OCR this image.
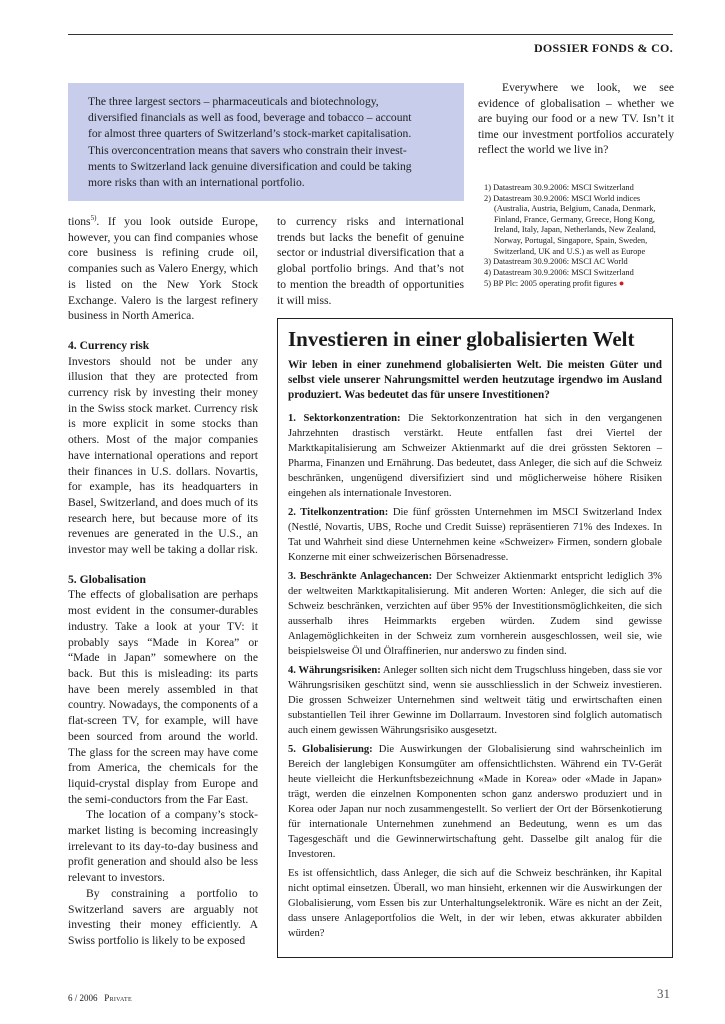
DOSSIER FONDS & CO.
The three largest sectors – pharmaceuticals and biotechnology,
diversified financials as well as food, beverage and tobacco – account
for almost three quarters of Switzerland’s stock-market capitalisation.
This overconcentration means that savers who constrain their invest-
ments to Switzerland lack genuine diversification and could be taking
more risks than with an international portfolio.
Everywhere we look, we see evidence of globalisation – whether we are buying our food or a new TV. Isn’t it time our investment portfolios accurately reflect the world we live in?
1) Datastream 30.9.2006: MSCI Switzerland
2) Datastream 30.9.2006: MSCI World indices (Australia, Austria, Belgium, Canada, Denmark, Finland, France, Germany, Greece, Hong Kong, Ireland, Italy, Japan, Netherlands, New Zealand, Norway, Portugal, Singapore, Spain, Sweden, Switzerland, UK and U.S.) as well as Europe
3) Datastream 30.9.2006: MSCI AC World
4) Datastream 30.9.2006: MSCI Switzerland
5) BP Plc: 2005 operating profit figures ●

tions$^{5)}$. If you look outside Europe, however, you can find companies whose core business is refining crude oil, companies such as Valero Energy, which is listed on the New York Stock Exchange. Valero is the largest refinery business in North America.

4. Currency risk

Investors should not be under any illusion that they are protected from currency risk by investing their money in the Swiss stock market. Currency risk is more explicit in some stocks than others. Most of the major companies have international operations and report their finances in U.S. dollars. Novartis, for example, has its headquarters in Basel, Switzerland, and does much of its research here, but because more of its revenues are generated in the U.S., an investor may well be taking a dollar risk.

5. Globalisation

The effects of globalisation are perhaps most evident in the consumer-durables industry. Take a look at your TV: it probably says “Made in Korea” or “Made in Japan” somewhere on the back. But this is misleading: its parts have been merely assembled in that country. Nowadays, the components of a flat-screen TV, for example, will have been sourced from around the world. The glass for the screen may have come from America, the chemicals for the liquid-crystal display from Europe and the semi-conductors from the Far East.

The location of a company’s stock-market listing is becoming increasingly irrelevant to its day-to-day business and profit generation and should also be less relevant to investors.

By constraining a portfolio to Switzerland savers are arguably not investing their money efficiently. A Swiss portfolio is likely to be exposed

to currency risks and international trends but lacks the benefit of genuine sector or industrial diversification that a global portfolio brings. And that’s not to mention the breadth of opportunities it will miss.

Investieren in einer globalisierten Welt
Wir leben in einer zunehmend globalisierten Welt. Die meisten Güter und selbst viele unserer Nahrungsmittel werden heutzutage irgendwo im Ausland produziert. Was bedeutet das für unsere Investitionen?

1. Sektorkonzentration: Die Sektorkonzentration hat sich in den vergangenen Jahrzehnten drastisch verstärkt. Heute entfallen fast drei Viertel der Marktkapitalisierung am Schweizer Aktienmarkt auf die drei grössten Sektoren – Pharma, Finanzen und Ernährung. Das bedeutet, dass Anleger, die sich auf die Schweiz beschränken, ungenügend diversifiziert sind und möglicherweise höhere Risiken eingehen als internationale Investoren.

2. Titelkonzentration: Die fünf grössten Unternehmen im MSCI Switzerland Index (Nestlé, Novartis, UBS, Roche und Credit Suisse) repräsentieren 71% des Indexes. In Tat und Wahrheit sind diese Unternehmen keine «Schweizer» Firmen, sondern globale Konzerne mit einer schweizerischen Börsenadresse.

3. Beschränkte Anlagechancen: Der Schweizer Aktienmarkt entspricht lediglich 3% der weltweiten Marktkapitalisierung. Mit anderen Worten: Anleger, die sich auf die Schweiz beschränken, verzichten auf über 95% der Investitionsmöglichkeiten, die sich ausserhalb ihres Heimmarkts ergeben würden. Zudem sind gewisse Anlagemöglichkeiten in der Schweiz zum vornherein ausgeschlossen, weil sie, wie beispielsweise Öl und Ölraffinerien, nur anderswo zu finden sind.

4. Währungsrisiken: Anleger sollten sich nicht dem Trugschluss hingeben, dass sie vor Währungsrisiken geschützt sind, wenn sie ausschliesslich in der Schweiz investieren. Die grossen Schweizer Unternehmen sind weltweit tätig und erwirtschaften einen substantiellen Teil ihrer Gewinne im Dollarraum. Investoren sind folglich automatisch auch einem gewissen Währungsrisiko ausgesetzt.

5. Globalisierung: Die Auswirkungen der Globalisierung sind wahrscheinlich im Bereich der langlebigen Konsumgüter am offensichtlichsten. Während ein TV-Gerät heute vielleicht die Herkunftsbezeichnung «Made in Korea» oder «Made in Japan» trägt, werden die einzelnen Komponenten schon ganz anderswo produziert und in Korea oder Japan nur noch zusammengestellt. So verliert der Ort der Börsenkotierung für internationale Unternehmen zunehmend an Bedeutung, wenn es um das Tagesgeschäft und die Gewinnerwirtschaftung geht. Dasselbe gilt analog für die Investoren.

Es ist offensichtlich, dass Anleger, die sich auf die Schweiz beschränken, ihr Kapital nicht optimal einsetzen. Überall, wo man hinsieht, erkennen wir die Auswirkungen der Globalisierung, vom Essen bis zur Unterhaltungselektronik. Wäre es nicht an der Zeit, dass unsere Anlageportfolios die Welt, in der wir leben, etwas akkurater abbilden würden?

6 / 2006 Private	31
